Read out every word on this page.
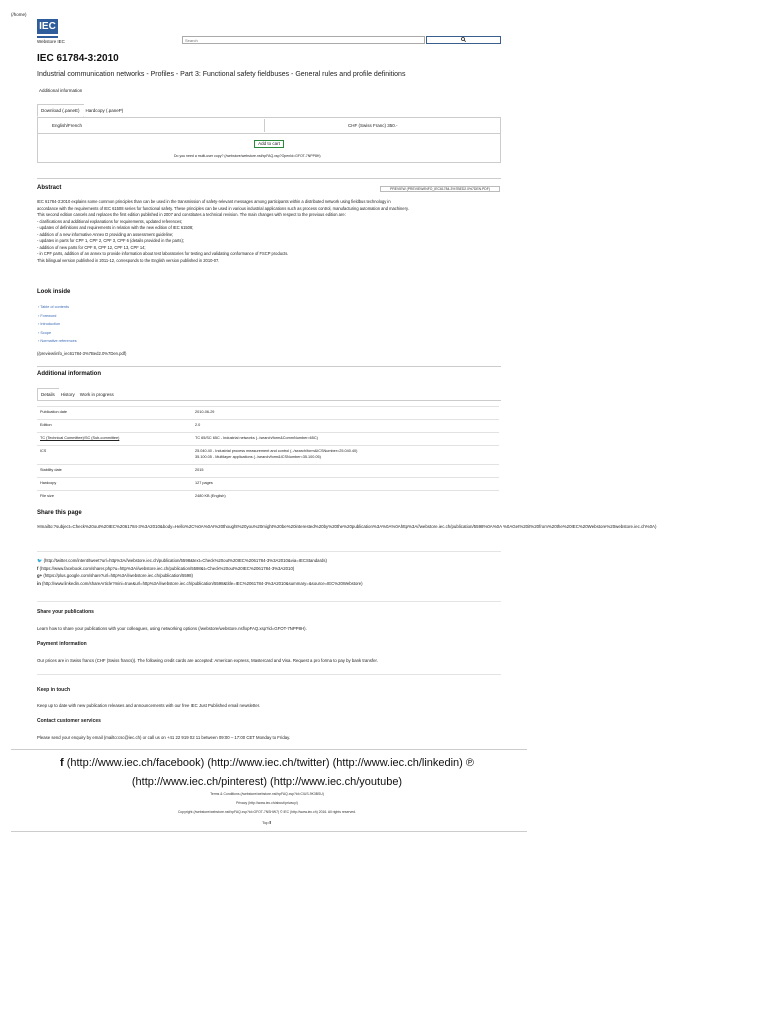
(/home)
IEC
Webstore IEC
Search
IEC 61784-3:2010
Industrial communication networks - Profiles - Part 3: Functional safety fieldbuses - General rules and profile definitions
Additional information
Download (.paneE) Hardcopy (.paneP)
English/French	CHF (Swiss Franc) 350.-
Add to cart
Do you need a multi-user copy? (/webstore/webstore.nsf/xpFAQ.xsp?OpenId=GFOT-7NPP8H)
Abstract	PREVIEW (PREVIEW/INFO_IEC61784-3%7BED2.0%7DEN.PDF)
IEC 61784-3:2010 explains some common principles than can be used in the transmission of safety-relevant messages among participants within a distributed network using fieldbus technology in
accordance with the requirements of IEC 61508 series for functional safety. These principles can be used in various industrial applications such as process control, manufacturing automation and machinery.
This second edition cancels and replaces the first edition published in 2007 and constitutes a technical revision. The main changes with respect to the previous edition are:
- clarifications and additional explanations for requirements, updated references;
- updates of definitions and requirements in relation with the new edition of IEC 61508;
- addition of a new informative Annex D providing an assessment guideline;
- updates in parts for CPF 1, CPF 2, CPF 3, CPF 6 (details provided in the parts);
- addition of new parts for CPF 8, CPF 12, CPF 13, CPF 14;
- in CPF parts, addition of an annex to provide information about test laboratories for testing and validating conformance of FSCP products.
This bilingual version published in 2011-12, corresponds to the English version published in 2010-07.
Look inside
› Table of contents
› Foreword
› Introduction
› Scope
› Normative references
(/preview/info_iec61784-3%7Bed2.0%7Den.pdf)
Additional information
Details History Work in progress
Publication date	2010-06-29
Edition	2.0
TC (Technical Committee)/SC (Sub-committee)	TC 65/SC 65C - Industrial networks (../search/form&CommNumber=65C)
ICS	25.040.40 - Industrial process measurement and control (../search/form&ICSNumber=25.040.40)
35.100.05 - Multilayer applications (../search/form&ICSNumber=35.100.05)
Stability date	2015
Hardcopy	127 pages
File size	2480 KB (English)
Share this page
✉mailto:?subject=Check%20out%20IEC%2061784-3%3A2010&body=Hello%2C%0A%0AI%20thought%20you%20might%20be%20interested%20by%20the%20publication%3A%0A%0Ahttp%3A//webstore.iec.ch/publication/5598%0A%0A %0AGet%20it%20from%20the%20IEC%20Webstore%20webstore.iec.ch%0A)
🐦 (http://twitter.com/intent/tweet?url=http%3A//webstore.iec.ch/publication/5598&text=Check%20out%20IEC%2061784-3%3A2010&via=IECStandards)
f (https://www.facebook.com/sharer.php?u=http%3A//webstore.iec.ch/publication/5598&t=Check%20out%20IEC%2061784-3%3A2010)
g+ (https://plus.google.com/share?url=http%3A//webstore.iec.ch/publication/5598)
in (http://www.linkedin.com/shareArticle?mini=true&url=http%3A//webstore.iec.ch/publication/5598&title=IEC%2061784-3%3A2010&summary=&source=IEC%20Webstore)
Share your publications
Learn how to share your publications with your colleagues, using networking options (/webstore/webstore.nsf/xpFAQ.xsp?id=GFOT-7NPP8H).
Payment information
Our prices are in Swiss francs (CHF (Swiss francs)). The following credit cards are accepted: American express, Mastercard and Visa. Request a pro forma to pay by bank transfer.
Keep in touch
Keep up to date with new publication releases and announcements with our free IEC Just Published email newsletter.
Contact customer services
Please send your enquiry by email (mailto:csc@iec.ch) or call us on +41 22 919 02 11 between 09:00 – 17:00 CET Monday to Friday.
f (http://www.iec.ch/facebook) (http://www.iec.ch/twitter) (http://www.iec.ch/linkedin) ℗
(http://www.iec.ch/pinterest) (http://www.iec.ch/youtube)
Terms & Conditions (/webstore/webstore.nsf/xpFAQ.xsp?id=CIUS-9K3BSU)
Privacy (http://www.iec.ch/about/privacy/)
Copyright (/webstore/webstore.nsf/xpFAQ.xsp?id=GFOT-7NSHW7) © IEC (http://www.iec.ch) 2016. All rights reserved.
Top⬆
